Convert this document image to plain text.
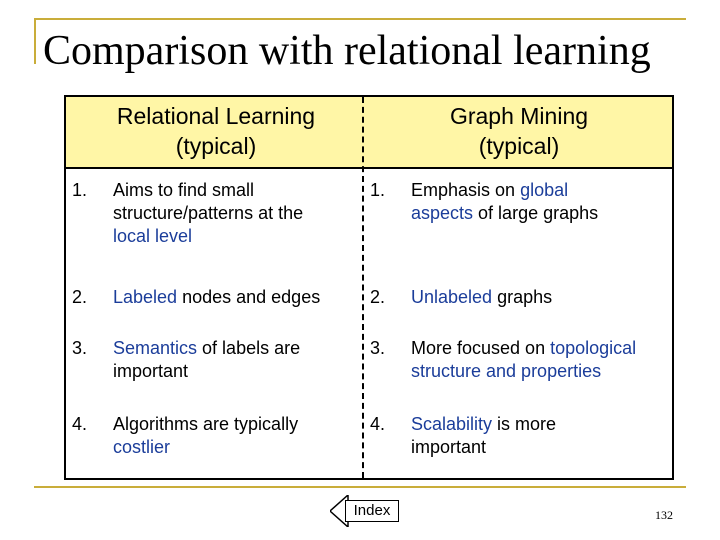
Comparison with relational learning
Relational Learning
(typical)
Graph Mining
(typical)
1. Aims to find small
structure/patterns at the
local level
2. Labeled nodes and edges
3. Semantics of labels are
important
4. Algorithms are typically
costlier
1. Emphasis on global
aspects of large graphs
2. Unlabeled graphs
3. More focused on topological
structure and properties
4. Scalability is more
important
Index	132
